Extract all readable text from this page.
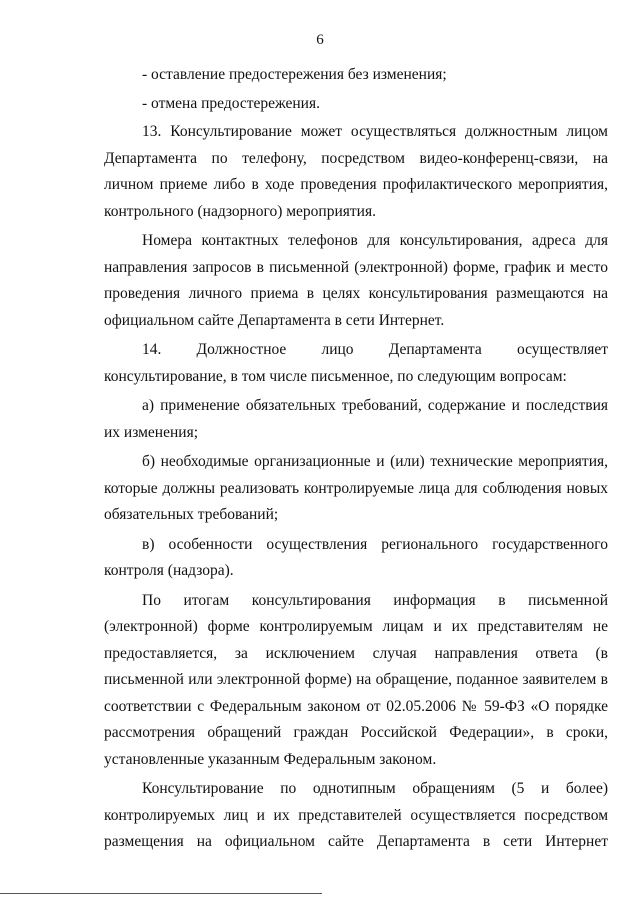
6

- оставление предостережения без изменения;

- отмена предостережения.

13. Консультирование может осуществляться должностным лицом Департамента по телефону, посредством видео-конференц-связи, на личном приеме либо в ходе проведения профилактического мероприятия, контрольного (надзорного) мероприятия.

Номера контактных телефонов для консультирования, адреса для направления запросов в письменной (электронной) форме, график и место проведения личного приема в целях консультирования размещаются на официальном сайте Департамента в сети Интернет.

14. Должностное лицо Департамента осуществляет консультирование, в том числе письменное, по следующим вопросам:

а) применение обязательных требований, содержание и последствия их изменения;

б) необходимые организационные и (или) технические мероприятия, которые должны реализовать контролируемые лица для соблюдения новых обязательных требований;

в) особенности осуществления регионального государственного контроля (надзора).

По итогам консультирования информация в письменной (электронной) форме контролируемым лицам и их представителям не предоставляется, за исключением случая направления ответа (в письменной или электронной форме) на обращение, поданное заявителем в соответствии с Федеральным законом от 02.05.2006 № 59-ФЗ «О порядке рассмотрения обращений граждан Российской Федерации», в сроки, установленные указанным Федеральным законом.

Консультирование по однотипным обращениям (5 и более) контролируемых лиц и их представителей осуществляется посредством размещения на официальном сайте Департамента в сети Интернет
